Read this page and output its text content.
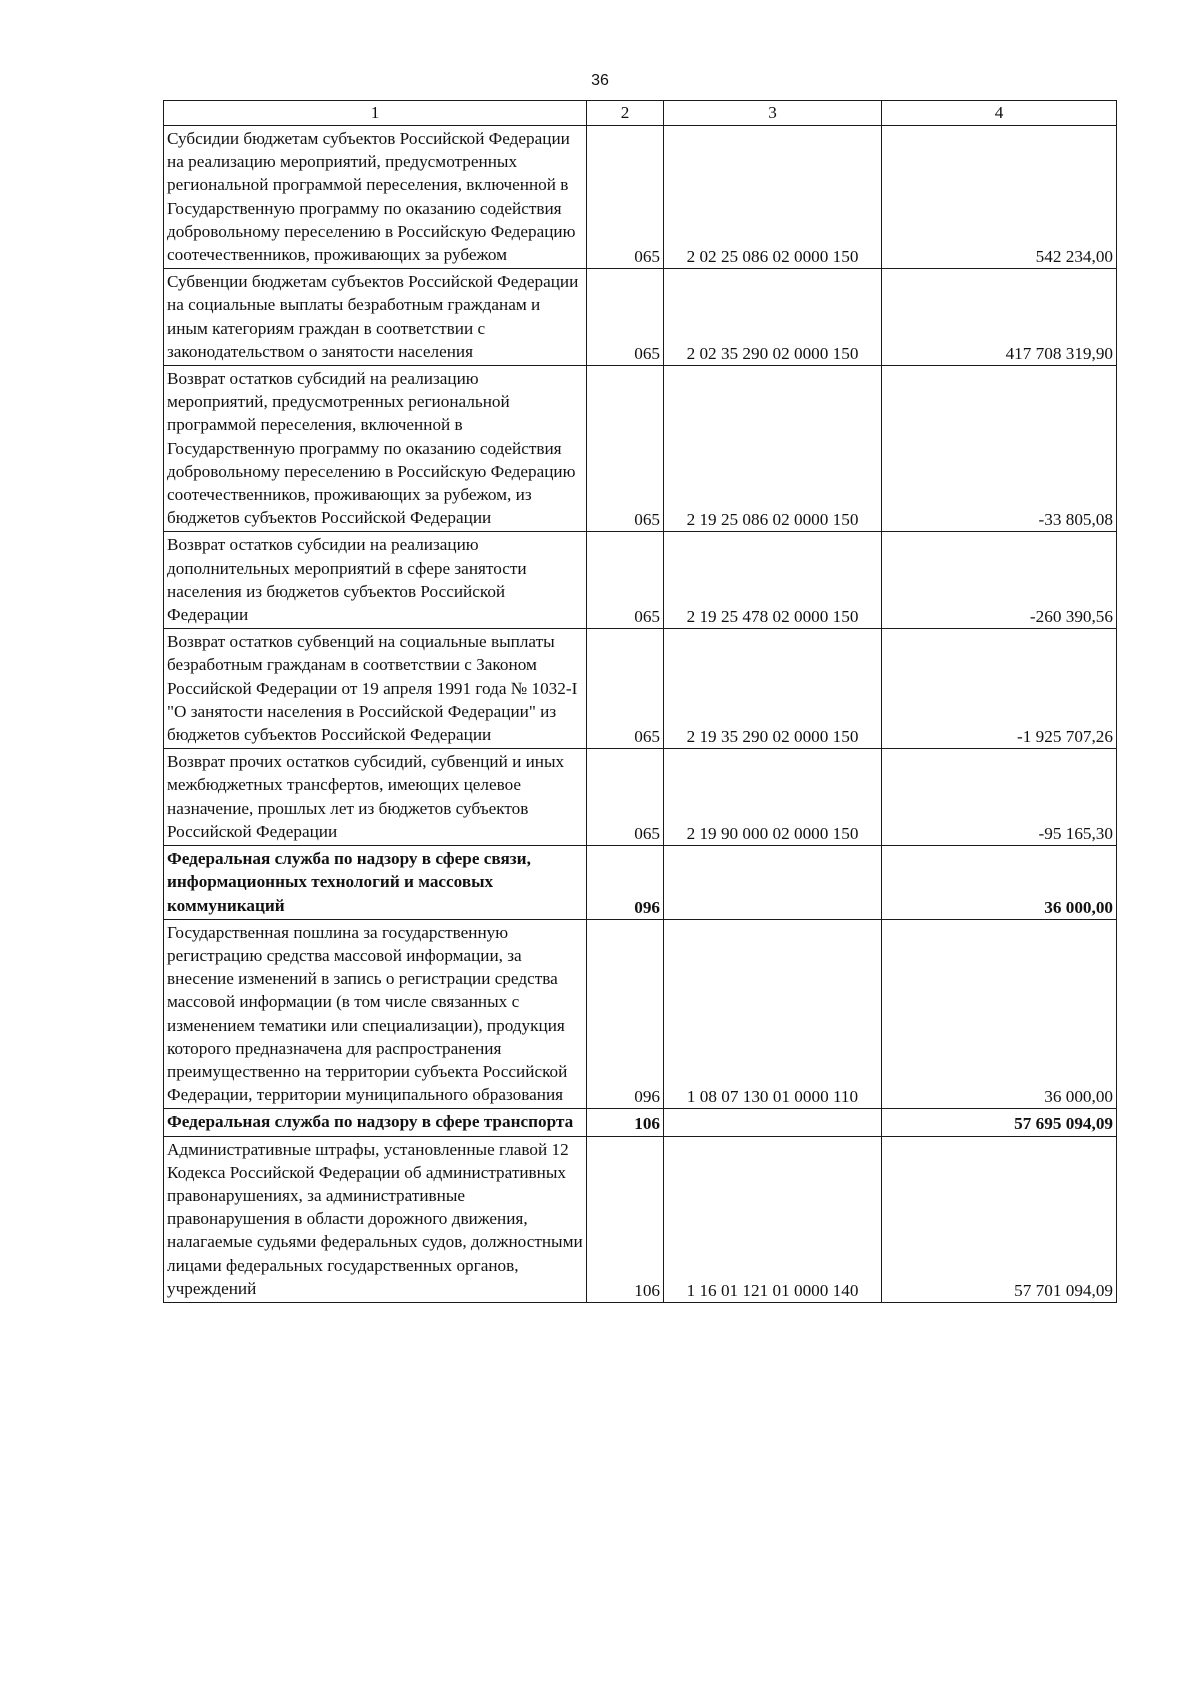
36
1	2	3	4
Субсидии бюджетам субъектов Российской Федерации на реализацию мероприятий, предусмотренных региональной программой переселения, включенной в Государственную программу по оказанию содействия добровольному переселению в Российскую Федерацию соотечественников, проживающих за рубежом	065	2 02 25 086 02 0000 150	542 234,00
Субвенции бюджетам субъектов Российской Федерации на социальные выплаты безработным гражданам и иным категориям граждан в соответствии с законодательством о занятости населения	065	2 02 35 290 02 0000 150	417 708 319,90
Возврат остатков субсидий на реализацию мероприятий, предусмотренных региональной программой переселения, включенной в Государственную программу по оказанию содействия добровольному переселению в Российскую Федерацию соотечественников, проживающих за рубежом, из бюджетов субъектов Российской Федерации	065	2 19 25 086 02 0000 150	-33 805,08
Возврат остатков субсидии на реализацию дополнительных мероприятий в сфере занятости населения из бюджетов субъектов Российской Федерации	065	2 19 25 478 02 0000 150	-260 390,56
Возврат остатков субвенций на социальные выплаты безработным гражданам в соответствии с Законом Российской Федерации от 19 апреля 1991 года № 1032-I "О занятости населения в Российской Федерации" из бюджетов субъектов Российской Федерации	065	2 19 35 290 02 0000 150	-1 925 707,26
Возврат прочих остатков субсидий, субвенций и иных межбюджетных трансфертов, имеющих целевое назначение, прошлых лет из бюджетов субъектов Российской Федерации	065	2 19 90 000 02 0000 150	-95 165,30
Федеральная служба по надзору в сфере связи, информационных технологий и массовых коммуникаций	096		36 000,00
Государственная пошлина за государственную регистрацию средства массовой информации, за внесение изменений в запись о регистрации средства массовой информации (в том числе связанных с изменением тематики или специализации), продукция которого предназначена для распространения преимущественно на территории субъекта Российской Федерации, территории муниципального образования	096	1 08 07 130 01 0000 110	36 000,00
Федеральная служба по надзору в сфере транспорта	106		57 695 094,09
Административные штрафы, установленные главой 12 Кодекса Российской Федерации об административных правонарушениях, за административные правонарушения в области дорожного движения, налагаемые судьями федеральных судов, должностными лицами федеральных государственных органов, учреждений	106	1 16 01 121 01 0000 140	57 701 094,09
